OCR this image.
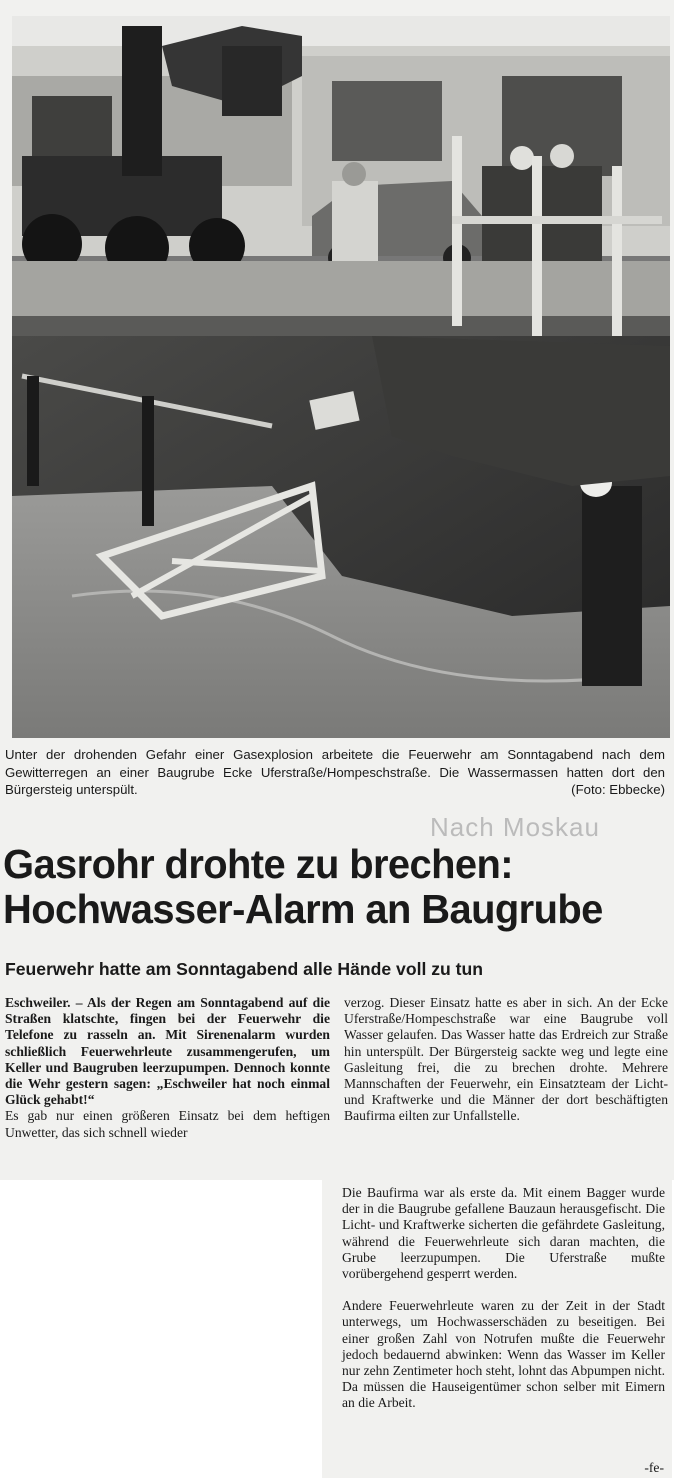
Unter der drohenden Gefahr einer Gasexplosion arbeitete die Feuerwehr am Sonntagabend nach dem Gewitterregen an einer Baugrube Ecke Uferstraße/Hompeschstraße. Die Wassermassen hatten dort den Bürgersteig unterspült.	(Foto: Ebbecke)
Nach Moskau
Gasrohr drohte zu brechen:
Hochwasser-Alarm an Baugrube
Feuerwehr hatte am Sonntagabend alle Hände voll zu tun

Eschweiler. – Als der Regen am Sonntagabend auf die Straßen klatschte, fingen bei der Feuerwehr die Telefone zu rasseln an. Mit Sirenenalarm wurden schließlich Feuerwehrleute zusammengerufen, um Keller und Baugruben leerzupumpen. Dennoch konnte die Wehr gestern sagen: „Eschweiler hat noch einmal Glück gehabt!“

Es gab nur einen größeren Einsatz bei dem heftigen Unwetter, das sich schnell wieder

verzog. Dieser Einsatz hatte es aber in sich. An der Ecke Uferstraße/Hompeschstraße war eine Baugrube voll Wasser gelaufen. Das Wasser hatte das Erdreich zur Straße hin unterspült. Der Bürgersteig sackte weg und legte eine Gasleitung frei, die zu brechen drohte. Mehrere Mannschaften der Feuerwehr, ein Einsatzteam der Licht- und Kraftwerke und die Männer der dort beschäftigten Baufirma eilten zur Unfallstelle.

Die Baufirma war als erste da. Mit einem Bagger wurde der in die Baugrube gefallene Bauzaun herausgefischt. Die Licht- und Kraftwerke sicherten die gefährdete Gasleitung, während die Feuerwehrleute sich daran machten, die Grube leerzupumpen. Die Uferstraße mußte vorübergehend gesperrt werden.

Andere Feuerwehrleute waren zu der Zeit in der Stadt unterwegs, um Hochwasserschäden zu beseitigen. Bei einer großen Zahl von Notrufen mußte die Feuerwehr jedoch bedauernd abwinken: Wenn das Wasser im Keller nur zehn Zentimeter hoch steht, lohnt das Abpumpen nicht. Da müssen die Hauseigentümer schon selber mit Eimern an die Arbeit.

-fe-
